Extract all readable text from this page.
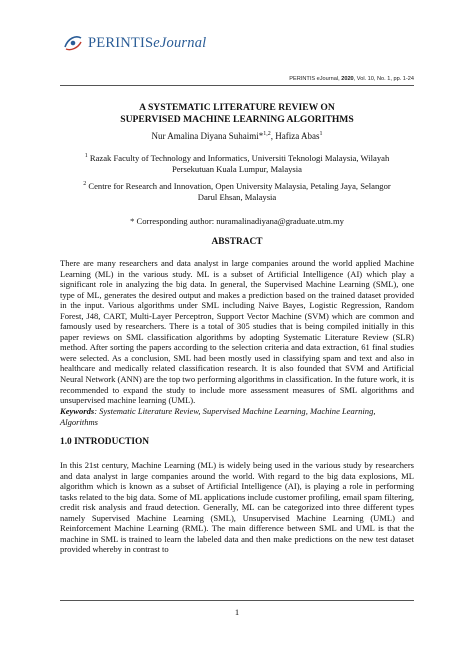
PERINTISeJournal
PERINTIS eJournal, 2020, Vol. 10, No. 1, pp. 1-24
A SYSTEMATIC LITERATURE REVIEW ON
SUPERVISED MACHINE LEARNING ALGORITHMS
Nur Amalina Diyana Suhaimi*$^{1,2}$, Hafiza Abas$^1$
$^1$ Razak Faculty of Technology and Informatics, Universiti Teknologi Malaysia, Wilayah
Persekutuan Kuala Lumpur, Malaysia
$^2$ Centre for Research and Innovation, Open University Malaysia, Petaling Jaya, Selangor
Darul Ehsan, Malaysia
* Corresponding author: nuramalinadiyana@graduate.utm.my
ABSTRACT
There are many researchers and data analyst in large companies around the world applied Machine Learning (ML) in the various study. ML is a subset of Artificial Intelligence (AI) which play a significant role in analyzing the big data. In general, the Supervised Machine Learning (SML), one type of ML, generates the desired output and makes a prediction based on the trained dataset provided in the input. Various algorithms under SML including Naive Bayes, Logistic Regression, Random Forest, J48, CART, Multi-Layer Perceptron, Support Vector Machine (SVM) which are common and famously used by researchers. There is a total of 305 studies that is being compiled initially in this paper reviews on SML classification algorithms by adopting Systematic Literature Review (SLR) method. After sorting the papers according to the selection criteria and data extraction, 61 final studies were selected. As a conclusion, SML had been mostly used in classifying spam and text and also in healthcare and medically related classification research. It is also founded that SVM and Artificial Neural Network (ANN) are the top two performing algorithms in classification. In the future work, it is recommended to expand the study to include more assessment measures of SML algorithms and unsupervised machine learning (UML).
Keywords: Systematic Literature Review, Supervised Machine Learning, Machine Learning, Algorithms
1.0 INTRODUCTION
In this 21st century, Machine Learning (ML) is widely being used in the various study by researchers and data analyst in large companies around the world. With regard to the big data explosions, ML algorithm which is known as a subset of Artificial Intelligence (AI), is playing a role in performing tasks related to the big data. Some of ML applications include customer profiling, email spam filtering, credit risk analysis and fraud detection. Generally, ML can be categorized into three different types namely Supervised Machine Learning (SML), Unsupervised Machine Learning (UML) and Reinforcement Machine Learning (RML). The main difference between SML and UML is that the machine in SML is trained to learn the labeled data and then make predictions on the new test dataset provided whereby in contrast to
1
